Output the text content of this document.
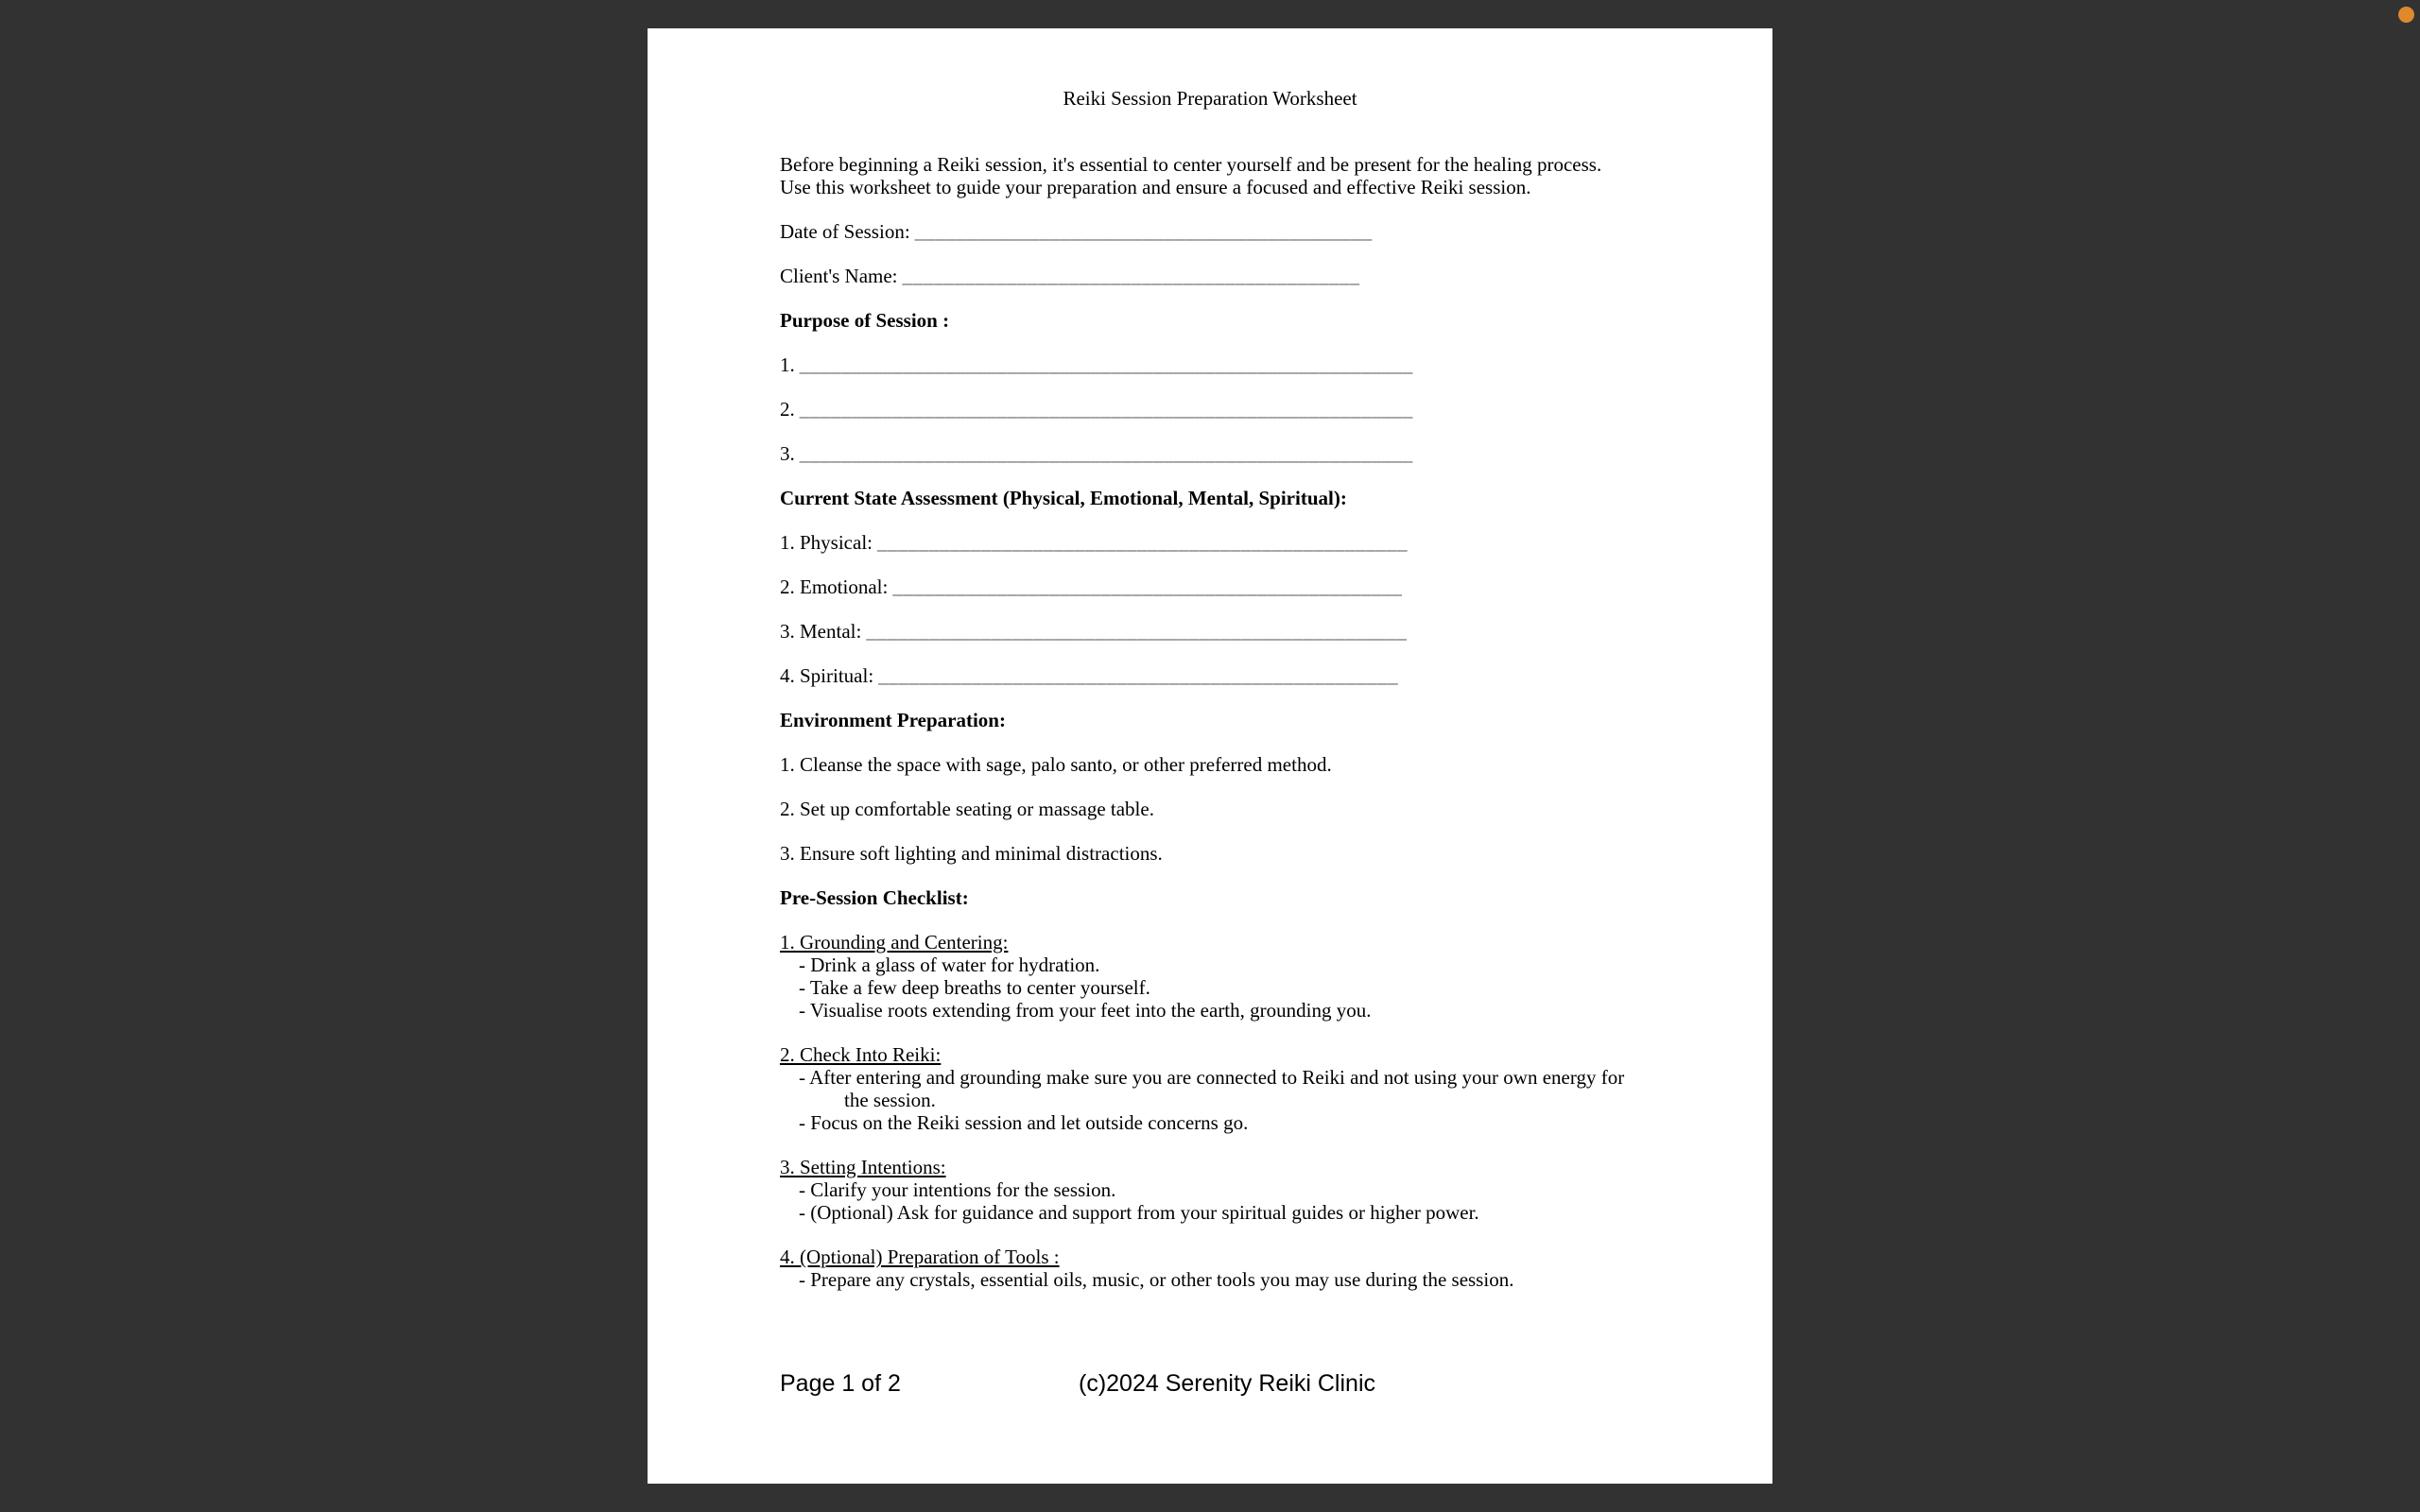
Reiki Session Preparation Worksheet
Before beginning a Reiki session, it's essential to center yourself and be present for the healing process.
Use this worksheet to guide your preparation and ensure a focused and effective Reiki session.
Date of Session: ____________________________________________
Client's Name: ____________________________________________
Purpose of Session :
1. ___________________________________________________________
2. ___________________________________________________________
3. ___________________________________________________________
Current State Assessment (Physical, Emotional, Mental, Spiritual):
1. Physical: ___________________________________________________
2. Emotional: _________________________________________________
3. Mental: ____________________________________________________
4. Spiritual: __________________________________________________
Environment Preparation:
1. Cleanse the space with sage, palo santo, or other preferred method.
2. Set up comfortable seating or massage table.
3. Ensure soft lighting and minimal distractions.
Pre-Session Checklist:
1. Grounding and Centering:
- Drink a glass of water for hydration.
- Take a few deep breaths to center yourself.
- Visualise roots extending from your feet into the earth, grounding you.
2. Check Into Reiki:
- After entering and grounding make sure you are connected to Reiki and not using your own energy for
the session.
- Focus on the Reiki session and let outside concerns go.
3. Setting Intentions:
- Clarify your intentions for the session.
- (Optional) Ask for guidance and support from your spiritual guides or higher power.
4. (Optional) Preparation of Tools :
- Prepare any crystals, essential oils, music, or other tools you may use during the session.
Page 1 of 2	(c)2024 Serenity Reiki Clinic
